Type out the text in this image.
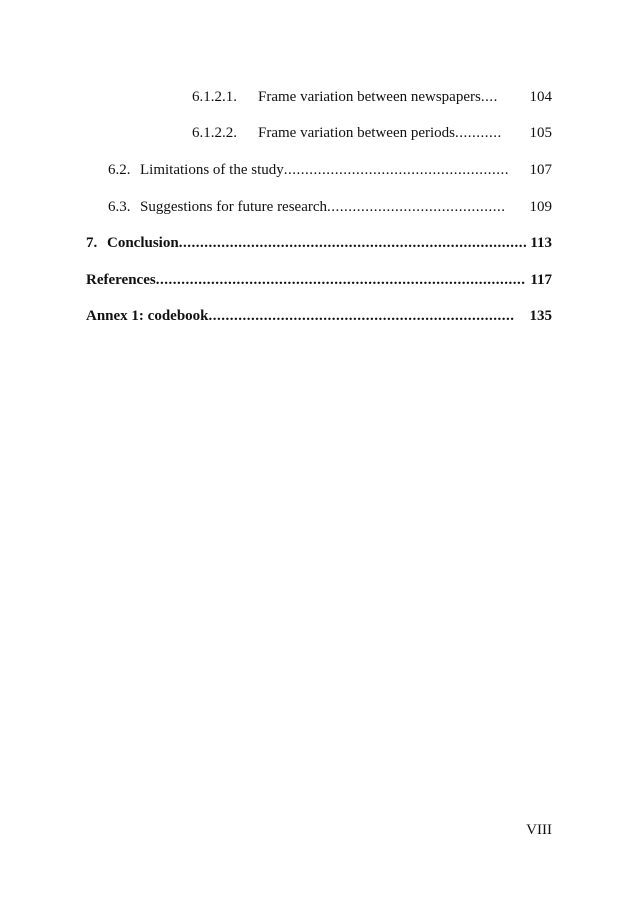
6.1.2.1.	Frame variation between newspapers ....	104
6.1.2.2.	Frame variation between periods ...........	105
6.2. Limitations of the study .....................................................	107
6.3. Suggestions for future research ..........................................	109
7. Conclusion .................................................................................. 113
References ....................................................................................... 117
Annex 1: codebook ........................................................................ 135
VIII
